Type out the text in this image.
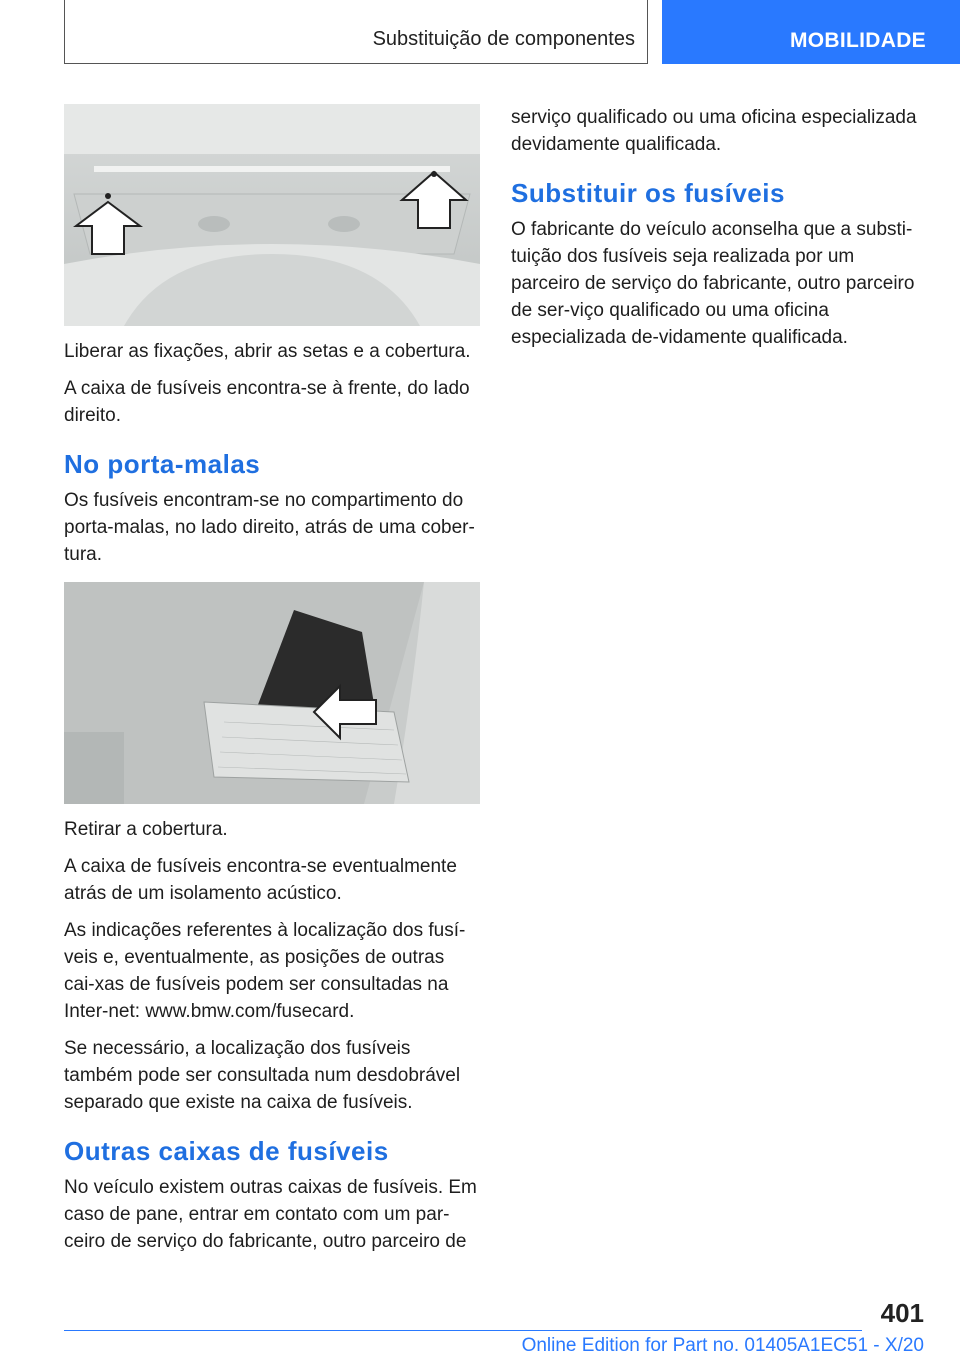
Substituição de componentes	MOBILIDADE

Liberar as fixações, abrir as setas e a cobertura.

A caixa de fusíveis encontra-se à frente, do lado direito.

No porta-malas

Os fusíveis encontram-se no compartimento do porta-malas, no lado direito, atrás de uma cober-tura.

Retirar a cobertura.

A caixa de fusíveis encontra-se eventualmente atrás de um isolamento acústico.

As indicações referentes à localização dos fusí-veis e, eventualmente, as posições de outras cai-xas de fusíveis podem ser consultadas na Inter-net: www.bmw.com/fusecard.

Se necessário, a localização dos fusíveis também pode ser consultada num desdobrável separado que existe na caixa de fusíveis.

Outras caixas de fusíveis

No veículo existem outras caixas de fusíveis. Em caso de pane, entrar em contato com um par-ceiro de serviço do fabricante, outro parceiro de

serviço qualificado ou uma oficina especializada devidamente qualificada.

Substituir os fusíveis

O fabricante do veículo aconselha que a substi-tuição dos fusíveis seja realizada por um parceiro de serviço do fabricante, outro parceiro de ser-viço qualificado ou uma oficina especializada de-vidamente qualificada.

401
Online Edition for Part no. 01405A1EC51 - X/20
